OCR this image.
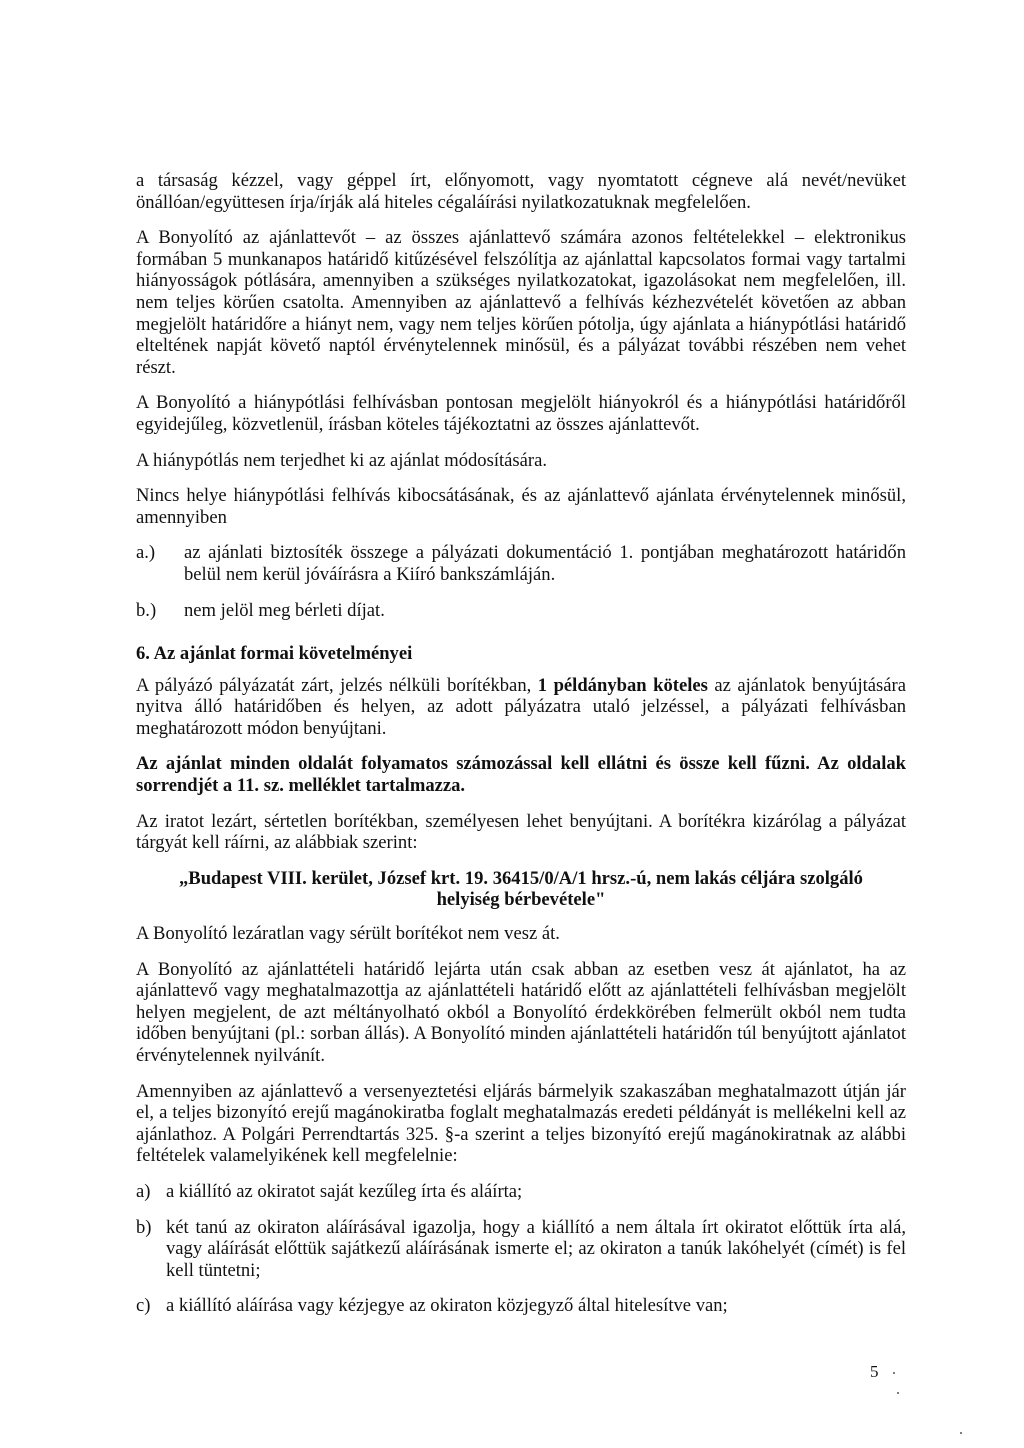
a társaság kézzel, vagy géppel írt, előnyomott, vagy nyomtatott cégneve alá nevét/nevüket önállóan/együttesen írja/írják alá hiteles cégaláírási nyilatkozatuknak megfelelően.

A Bonyolító az ajánlattevőt – az összes ajánlattevő számára azonos feltételekkel – elektronikus formában 5 munkanapos határidő kitűzésével felszólítja az ajánlattal kapcsolatos formai vagy tartalmi hiányosságok pótlására, amennyiben a szükséges nyilatkozatokat, igazolásokat nem megfelelően, ill. nem teljes körűen csatolta. Amennyiben az ajánlattevő a felhívás kézhezvételét követően az abban megjelölt határidőre a hiányt nem, vagy nem teljes körűen pótolja, úgy ajánlata a hiánypótlási határidő elteltének napját követő naptól érvénytelennek minősül, és a pályázat további részében nem vehet részt.

A Bonyolító a hiánypótlási felhívásban pontosan megjelölt hiányokról és a hiánypótlási határidőről egyidejűleg, közvetlenül, írásban köteles tájékoztatni az összes ajánlattevőt.

A hiánypótlás nem terjedhet ki az ajánlat módosítására.

Nincs helye hiánypótlási felhívás kibocsátásának, és az ajánlattevő ajánlata érvénytelennek minősül, amennyiben

a.)	az ajánlati biztosíték összege a pályázati dokumentáció 1. pontjában meghatározott határidőn belül nem kerül jóváírásra a Kiíró bankszámláján.
b.)	nem jelöl meg bérleti díjat.
6. Az ajánlat formai követelményei

A pályázó pályázatát zárt, jelzés nélküli borítékban, 1 példányban köteles az ajánlatok benyújtására nyitva álló határidőben és helyen, az adott pályázatra utaló jelzéssel, a pályázati felhívásban meghatározott módon benyújtani.

Az ajánlat minden oldalát folyamatos számozással kell ellátni és össze kell fűzni. Az oldalak sorrendjét a 11. sz. melléklet tartalmazza.

Az iratot lezárt, sértetlen borítékban, személyesen lehet benyújtani. A borítékra kizárólag a pályázat tárgyát kell ráírni, az alábbiak szerint:

„Budapest VIII. kerület, József krt. 19. 36415/0/A/1 hrsz.-ú, nem lakás céljára szolgáló
helyiség bérbevétele"

A Bonyolító lezáratlan vagy sérült borítékot nem vesz át.

A Bonyolító az ajánlattételi határidő lejárta után csak abban az esetben vesz át ajánlatot, ha az ajánlattevő vagy meghatalmazottja az ajánlattételi határidő előtt az ajánlattételi felhívásban megjelölt helyen megjelent, de azt méltányolható okból a Bonyolító érdekkörében felmerült okból nem tudta időben benyújtani (pl.: sorban állás). A Bonyolító minden ajánlattételi határidőn túl benyújtott ajánlatot érvénytelennek nyilvánít.

Amennyiben az ajánlattevő a versenyeztetési eljárás bármelyik szakaszában meghatalmazott útján jár el, a teljes bizonyító erejű magánokiratba foglalt meghatalmazás eredeti példányát is mellékelni kell az ajánlathoz. A Polgári Perrendtartás 325. §-a szerint a teljes bizonyító erejű magánokiratnak az alábbi feltételek valamelyikének kell megfelelnie:

a) a kiállító az okiratot saját kezűleg írta és aláírta;
b) két tanú az okiraton aláírásával igazolja, hogy a kiállító a nem általa írt okiratot előttük írta alá, vagy aláírását előttük sajátkezű aláírásának ismerte el; az okiraton a tanúk lakóhelyét (címét) is fel kell tüntetni;
c) a kiállító aláírása vagy kézjegye az okiraton közjegyző által hitelesítve van;
5
